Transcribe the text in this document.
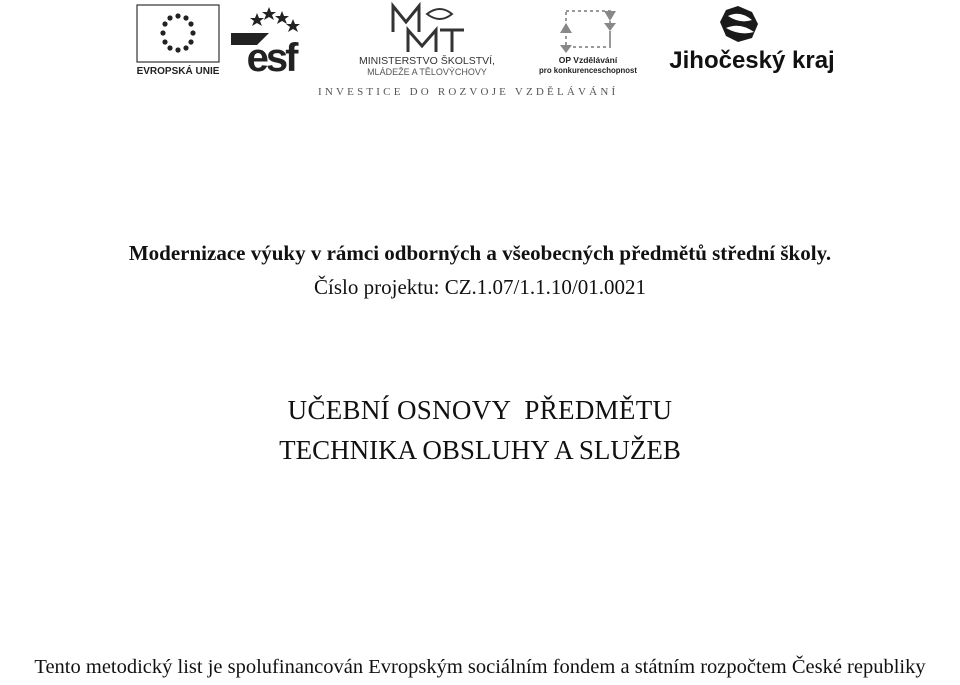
EVROPSKÁ UNIE esf	MINISTERSTVO ŠKOLSTVÍ,
MLÁDEŽE A TĚLOVÝCHOVY
OP Vzdělávání
pro konkurenceschopnost Jihočeský kraj
INVESTICE DO ROZVOJE VZDĚLÁVÁNÍ
Modernizace výuky v rámci odborných a všeobecných předmětů střední školy.
Číslo projektu: CZ.1.07/1.1.10/01.0021
UČEBNÍ OSNOVY  PŘEDMĚTU
TECHNIKA OBSLUHY A SLUŽEB
Tento metodický list je spolufinancován Evropským sociálním fondem a státním rozpočtem České republiky
